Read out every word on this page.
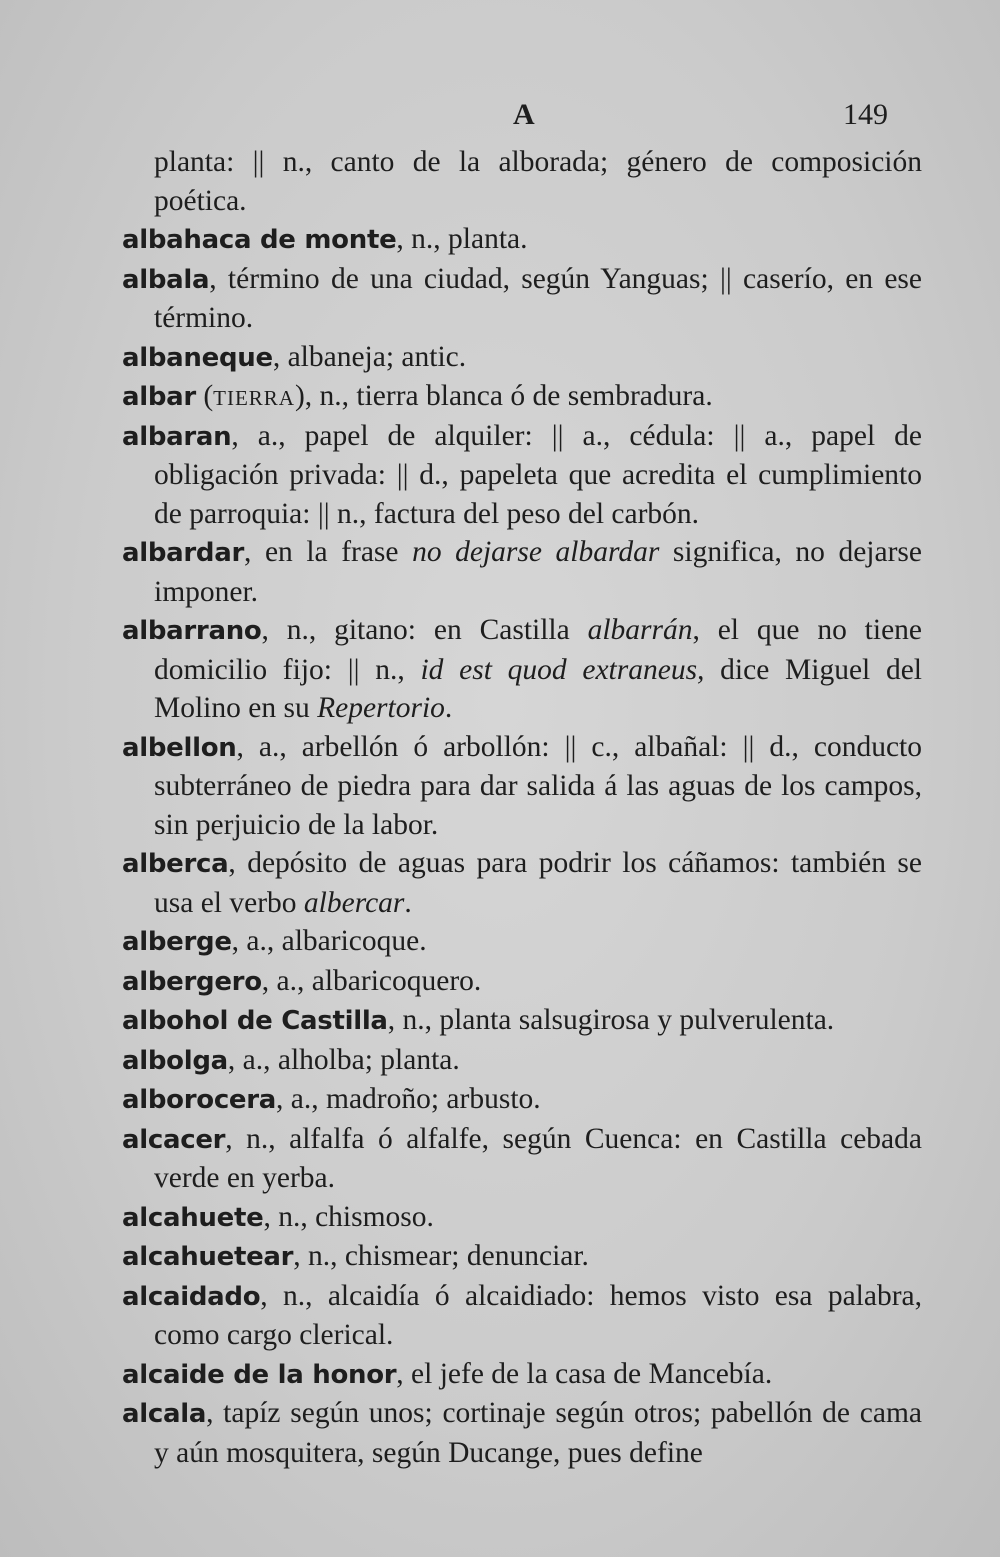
A	149

planta: || n., canto de la alborada; género de composición poética.

albahaca de monte, n., planta.

albala, término de una ciudad, según Yanguas; || caserío, en ese término.

albaneque, albaneja; antic.

albar (tierra), n., tierra blanca ó de sembradura.

albaran, a., papel de alquiler: || a., cédula: || a., papel de obligación privada: || d., papeleta que acredita el cumplimiento de parroquia: || n., factura del peso del carbón.

albardar, en la frase no dejarse albardar significa, no dejarse imponer.

albarrano, n., gitano: en Castilla albarrán, el que no tiene domicilio fijo: || n., id est quod extraneus, dice Miguel del Molino en su Repertorio.

albellon, a., arbellón ó arbollón: || c., albañal: || d., conducto subterráneo de piedra para dar salida á las aguas de los campos, sin perjuicio de la labor.

alberca, depósito de aguas para podrir los cáñamos: también se usa el verbo albercar.

alberge, a., albaricoque.

albergero, a., albaricoquero.

albohol de Castilla, n., planta salsugirosa y pulverulenta.

albolga, a., alholba; planta.

alborocera, a., madroño; arbusto.

alcacer, n., alfalfa ó alfalfe, según Cuenca: en Castilla cebada verde en yerba.

alcahuete, n., chismoso.

alcahuetear, n., chismear; denunciar.

alcaidado, n., alcaidía ó alcaidiado: hemos visto esa palabra, como cargo clerical.

alcaide de la honor, el jefe de la casa de Mancebía.

alcala, tapíz según unos; cortinaje según otros; pabellón de cama y aún mosquitera, según Ducange, pues define
